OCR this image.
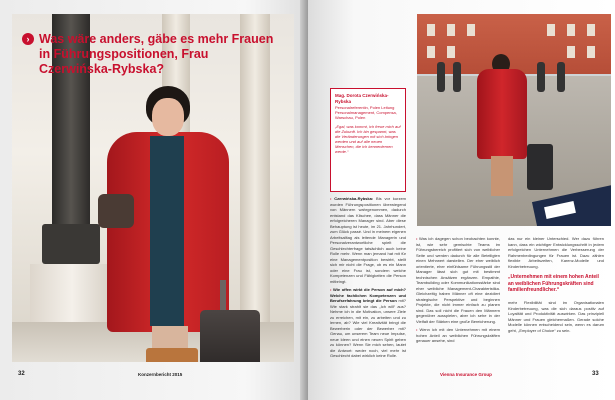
› Was wäre anders, gäbe es mehr Frauen in Führungspositionen, Frau Czerwińska-Rybska?
32	Konzernbericht 2015
Mag. Dorota Czerwińska-Rybska
Personalreferentin, Polen Leitung Personalmanagement, Compensa, Warschau, Polen
„Egal, was kommt, ich freue mich auf die Zukunft. Ich bin gespannt, was die Veränderungen mit sich bringen werden und auf alle neuen Menschen, die ich kennenlernen werde.“

• Czerwińska-Rybska: Bis vor kurzem wurden Führungspositionen überwiegend von Männern wahrgenommen, dadurch entstand das Klischee, dass Männer die erfolgreicheren Manager sind. Aber diese Behauptung ist heute, im 21. Jahrhundert, zum Glück passé. Und in meinem eigenen Arbeitsalltag als leitende Managerin und Personalverantwortliche spielt die Geschlechterfrage tatsächlich auch keine Rolle mehr. Wenn man jemand hat mit für eine Managementposition bewirbt, stellt sich mir nicht die Frage, ob es ein Mann oder eine Frau ist, sondern welche Kompetenzen und Fähigkeiten die Person mitbringt.

• Wie offen wirkt die Person auf mich? Welche fachlichen Kompetenzen und Berufserfahrung bringt die Person mit? Wie stark strahlt sie das „Ich will“ aus? Nehme ich in die Motivation, unsere Ziele zu erreichen, mit ein, zu arbeiten und zu lernen, ab? Wie viel Kreativität bringt die Bewerberin oder der Bewerber mit? Genau, um unserem Team neue Impulse, neue Ideen und einen neuen Spirit geben zu können? Wenn Sie mich sehen, lautet die Antwort: weder noch, viel mehr ist Geschlecht dabei wirklich keine Rolle.

• Was ich dagegen schon beobachten konnte, ist, wie sehr gemischte Teams im Führungsbereich profitiert sich von weiblicher Seite und werden dadurch für alle Beteiligten einen Mehrwert darstellen. Der eher weiblich orientierte, eher einfühlsame Führungsstil der Manager lässt sich gut mit bestimmt technischen Ansätzen ergänzen. Empathie, Teambuilding oder Kommunikationsstärke sind eher weibliche Management-Charakteristika. Gleichzeitig haben Männer oft eine dezidiert strategische Perspektive und beginnen Projekte, die nicht immer einfach zu planen sind. Das soll nicht die Frauen den Männern gegenüber ausspielen, aber ich sehe in der Vielfalt der Stärken eine große Bereicherung.

• Wenn ich mit den Unternehmen mit einem hohen Anteil an weiblichen Führungskräften genauer ansehe, sind

das nur ein kleiner Unterschied. Wer dazu führen kann, dass ein wichtiger Entwicklungsschritt in jedem erfolgreichen Unternehmen die Verbesserung der Rahmenbedingungen für Frauen ist. Dazu zählen flexible Arbeitszeiten, Karenz-Modelle und Kinderbetreuung.

„Unternehmen mit einem hohen Anteil an weiblichen Führungskräften sind familienfreundlicher.“

mehr Flexibilität sind im Organisationalen Kinderbetreuung, was die sich daraus positiv auf Loyalität und Produktivität auswirken. Das prinzipiell Männer und Frauen gleichermaßen. Gerade solche Modelle können entscheidend sein, wenn es darum geht, „Employer of Choice“ zu sein.

Vienna Insurance Group	33
